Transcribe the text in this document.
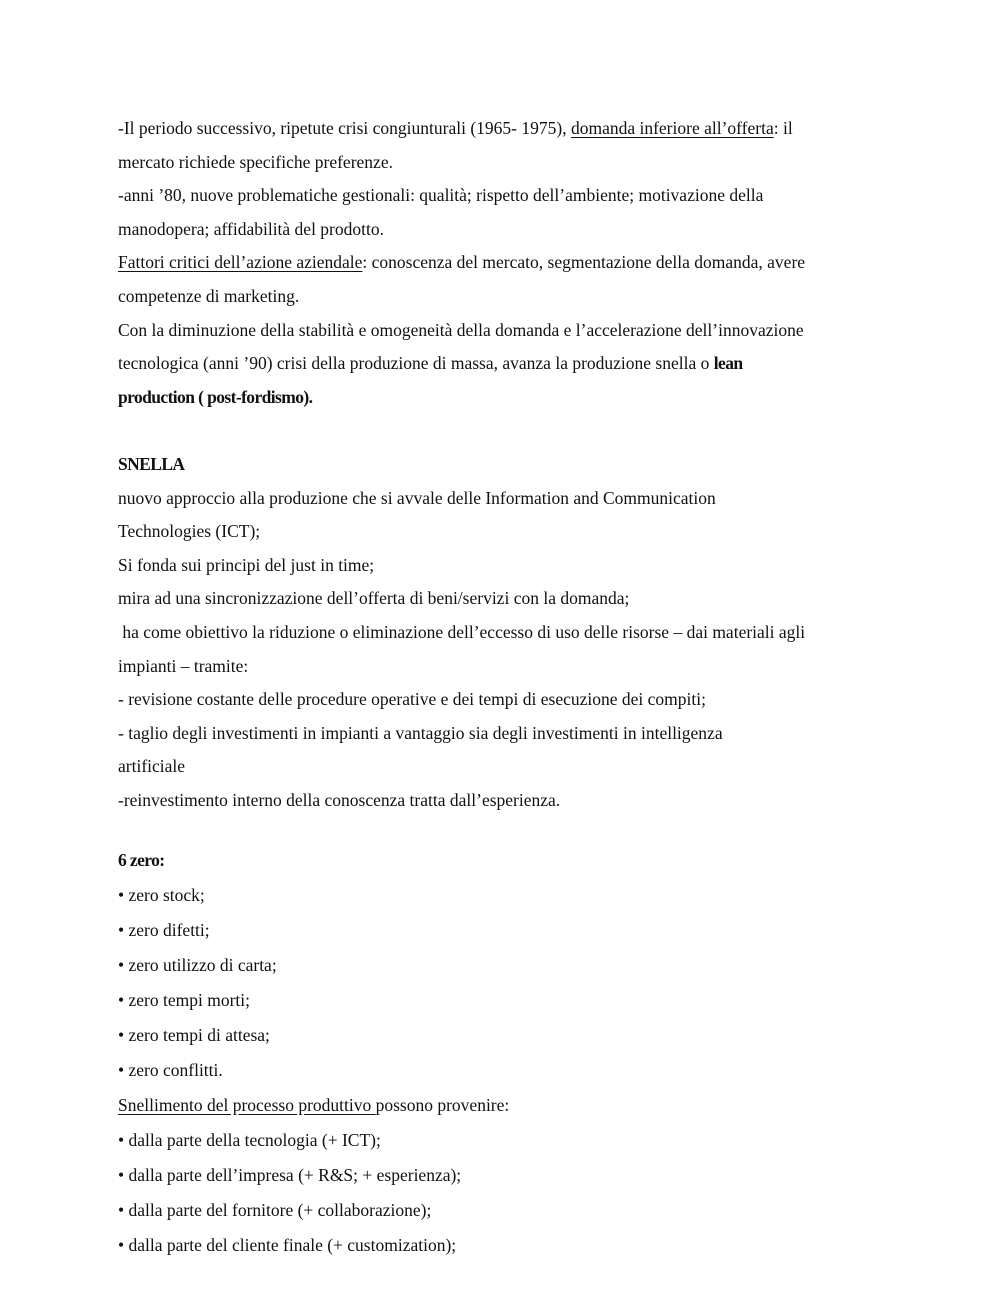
-Il periodo successivo, ripetute crisi congiunturali (1965- 1975), domanda inferiore all’offerta: il
mercato richiede specifiche preferenze.
-anni ’80, nuove problematiche gestionali: qualità; rispetto dell’ambiente; motivazione della
manodopera; affidabilità del prodotto.
Fattori critici dell’azione aziendale: conoscenza del mercato, segmentazione della domanda, avere
competenze di marketing.
Con la diminuzione della stabilità e omogeneità della domanda e l’accelerazione dell’innovazione
tecnologica (anni ’90) crisi della produzione di massa, avanza la produzione snella o lean
production ( post-fordismo).
SNELLA
nuovo approccio alla produzione che si avvale delle Information and Communication
Technologies (ICT);
Si fonda sui principi del just in time;
mira ad una sincronizzazione dell’offerta di beni/servizi con la domanda;
ha come obiettivo la riduzione o eliminazione dell’eccesso di uso delle risorse – dai materiali agli
impianti – tramite:
- revisione costante delle procedure operative e dei tempi di esecuzione dei compiti;
- taglio degli investimenti in impianti a vantaggio sia degli investimenti in intelligenza
artificiale
-reinvestimento interno della conoscenza tratta dall’esperienza.
6 zero:
• zero stock;
• zero difetti;
• zero utilizzo di carta;
• zero tempi morti;
• zero tempi di attesa;
• zero conflitti.
Snellimento del processo produttivo possono provenire:
• dalla parte della tecnologia (+ ICT);
• dalla parte dell’impresa (+ R&S; + esperienza);
• dalla parte del fornitore (+ collaborazione);
• dalla parte del cliente finale (+ customization);
